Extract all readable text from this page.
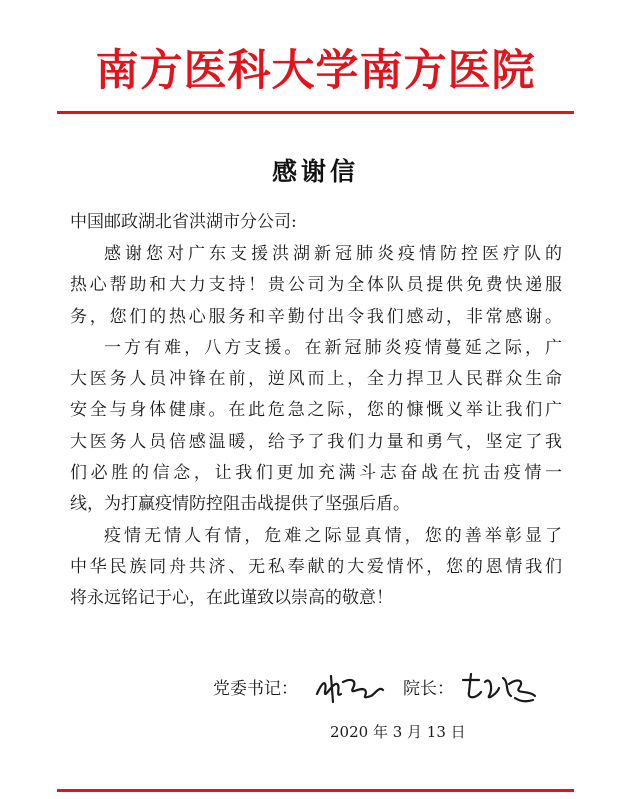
南方医科大学南方医院
感谢信
中国邮政湖北省洪湖市分公司:
感谢您对广东支援洪湖新冠肺炎疫情防控医疗队的
热心帮助和大力支持！贵公司为全体队员提供免费快递服
务，您们的热心服务和辛勤付出令我们感动，非常感谢。
一方有难，八方支援。在新冠肺炎疫情蔓延之际，广
大医务人员冲锋在前，逆风而上，全力捍卫人民群众生命
安全与身体健康。在此危急之际，您的慷慨义举让我们广
大医务人员倍感温暖，给予了我们力量和勇气，坚定了我
们必胜的信念，让我们更加充满斗志奋战在抗击疫情一
线，为打赢疫情防控阻击战提供了坚强后盾。
疫情无情人有情，危难之际显真情，您的善举彰显了
中华民族同舟共济、无私奉献的大爱情怀，您的恩情我们
将永远铭记于心，在此谨致以崇高的敬意！
党委书记：	院长：
2020 年 3 月 13 日
